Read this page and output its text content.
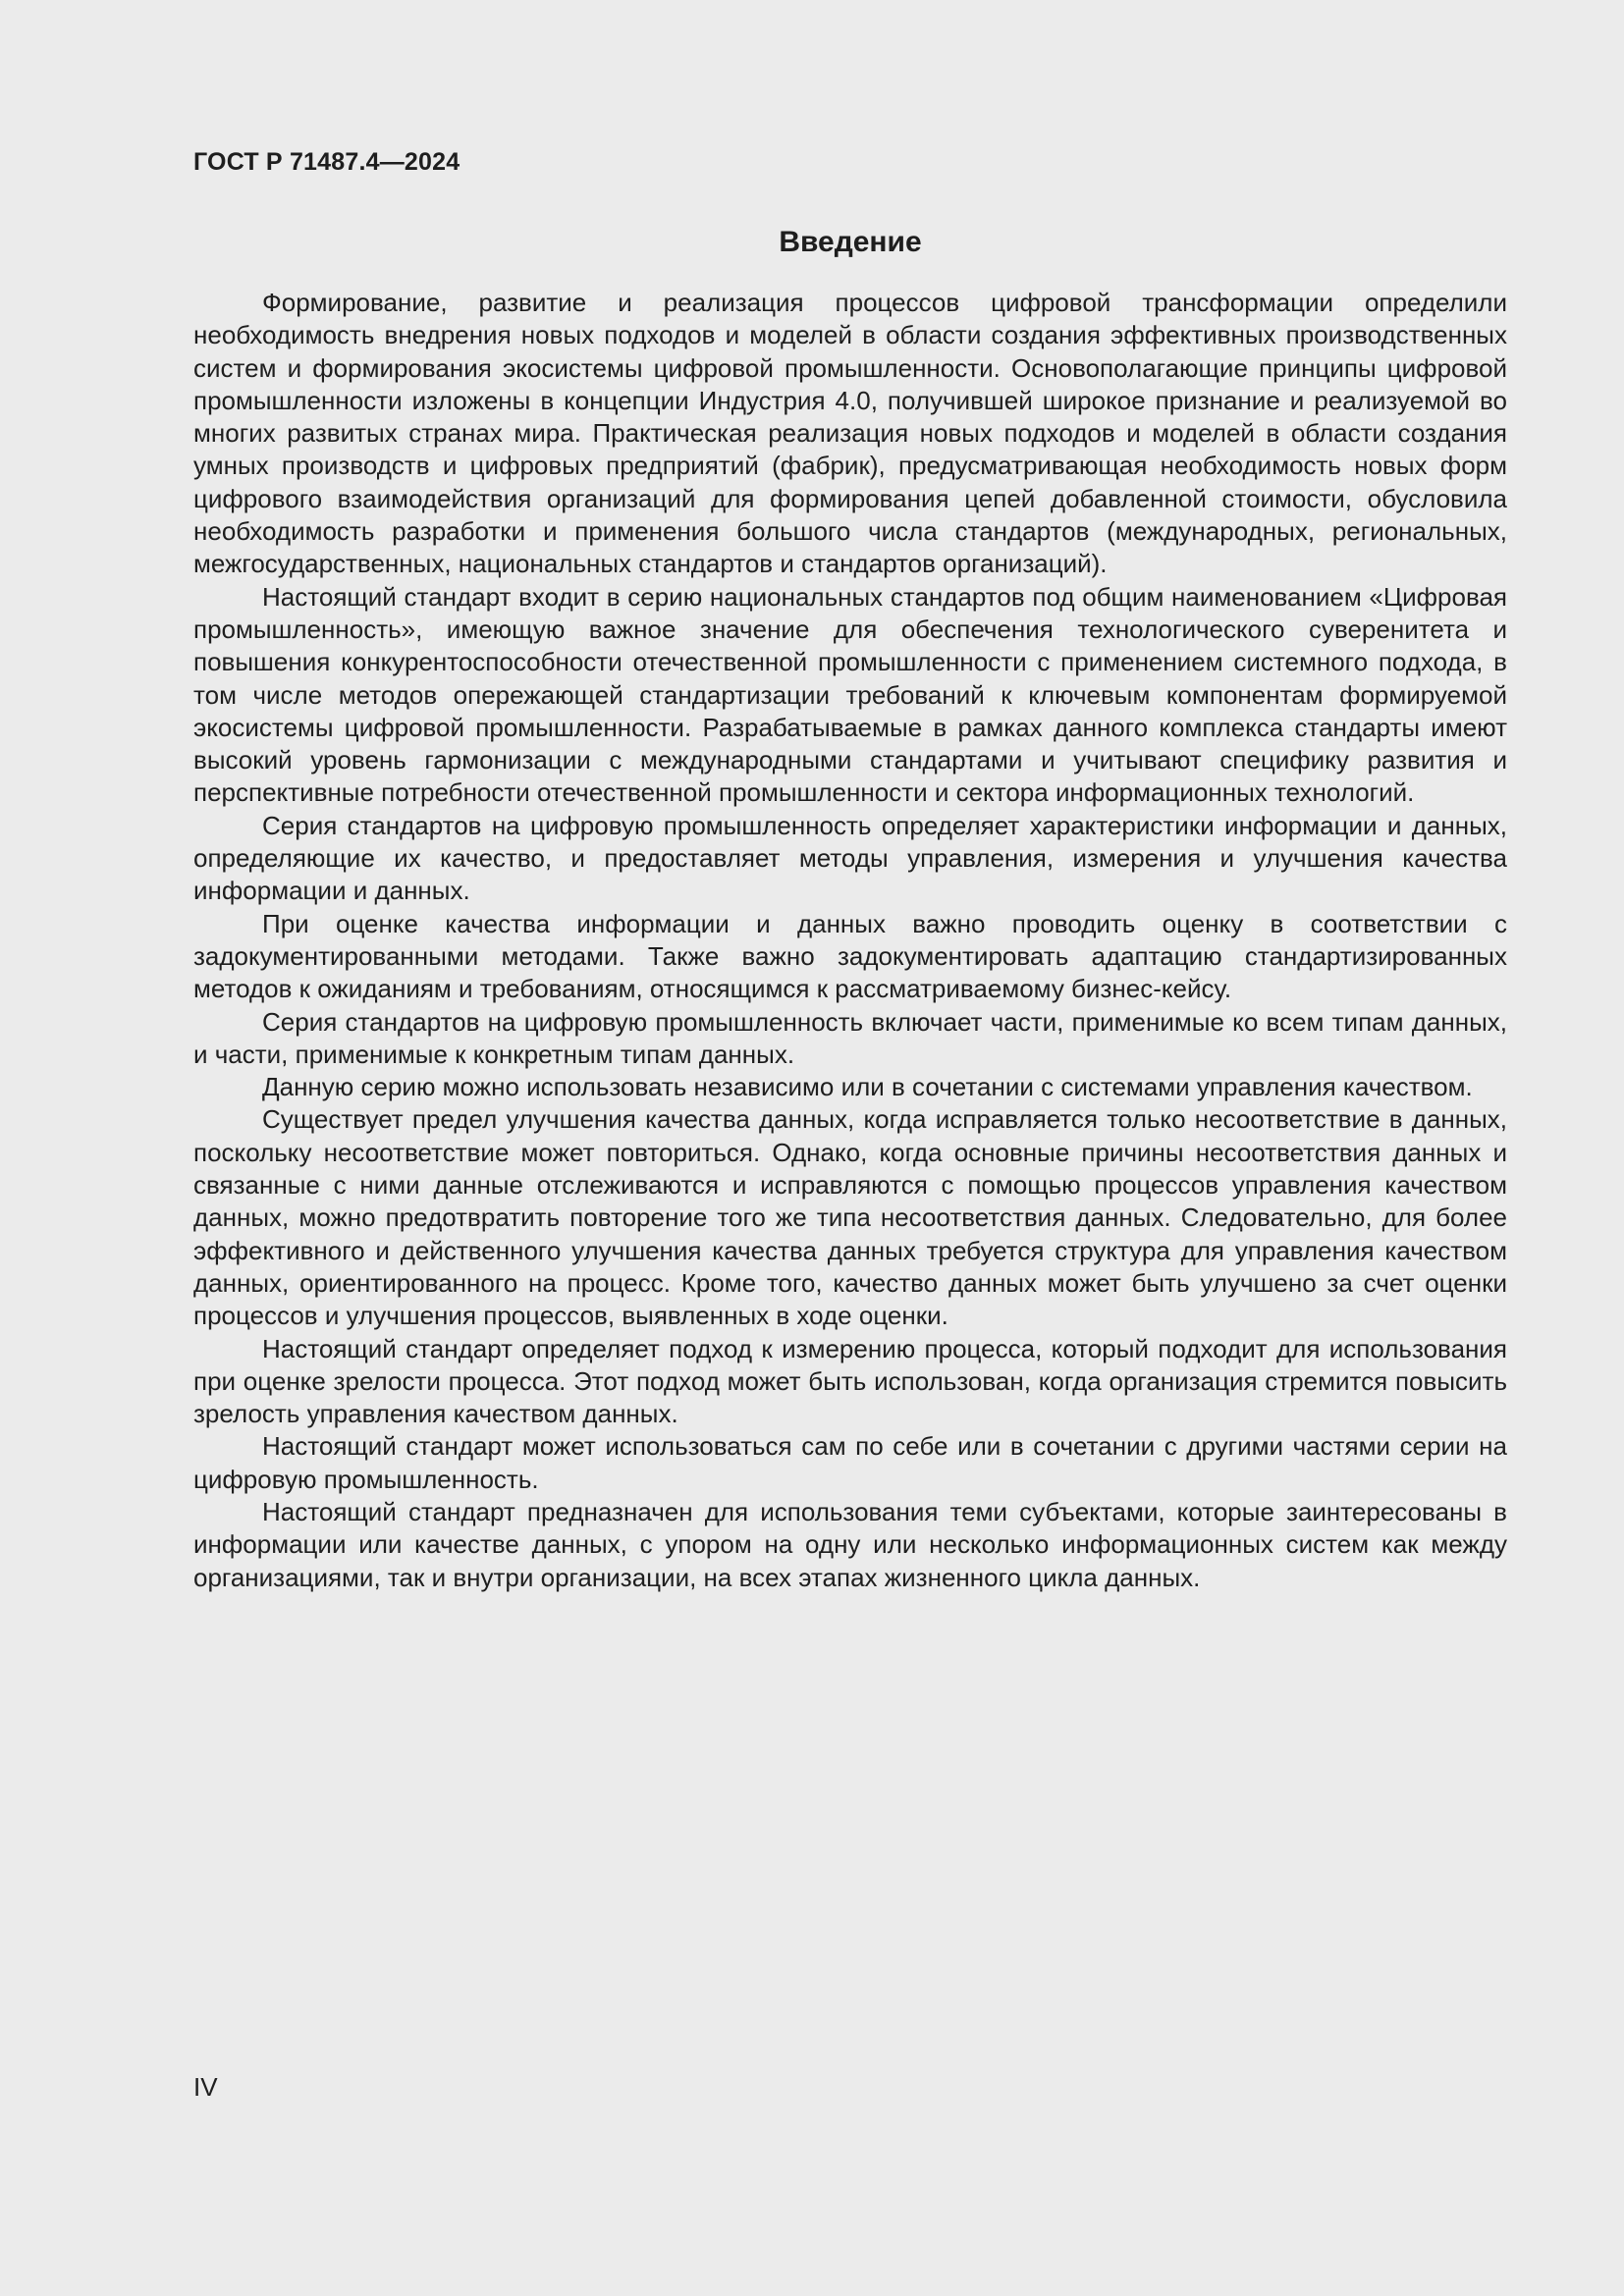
ГОСТ Р 71487.4—2024
Введение

Формирование, развитие и реализация процессов цифровой трансформации определили необходимость внедрения новых подходов и моделей в области создания эффективных производственных систем и формирования экосистемы цифровой промышленности. Основополагающие принципы цифровой промышленности изложены в концепции Индустрия 4.0, получившей широкое признание и реализуемой во многих развитых странах мира. Практическая реализация новых подходов и моделей в области создания умных производств и цифровых предприятий (фабрик), предусматривающая необходимость новых форм цифрового взаимодействия организаций для формирования цепей добавленной стоимости, обусловила необходимость разработки и применения большого числа стандартов (международных, региональных, межгосударственных, национальных стандартов и стандартов организаций).

Настоящий стандарт входит в серию национальных стандартов под общим наименованием «Цифровая промышленность», имеющую важное значение для обеспечения технологического суверенитета и повышения конкурентоспособности отечественной промышленности с применением системного подхода, в том числе методов опережающей стандартизации требований к ключевым компонентам формируемой экосистемы цифровой промышленности. Разрабатываемые в рамках данного комплекса стандарты имеют высокий уровень гармонизации с международными стандартами и учитывают специфику развития и перспективные потребности отечественной промышленности и сектора информационных технологий.

Серия стандартов на цифровую промышленность определяет характеристики информации и данных, определяющие их качество, и предоставляет методы управления, измерения и улучшения качества информации и данных.

При оценке качества информации и данных важно проводить оценку в соответствии с задокументированными методами. Также важно задокументировать адаптацию стандартизированных методов к ожиданиям и требованиям, относящимся к рассматриваемому бизнес-кейсу.

Серия стандартов на цифровую промышленность включает части, применимые ко всем типам данных, и части, применимые к конкретным типам данных.

Данную серию можно использовать независимо или в сочетании с системами управления качеством.

Существует предел улучшения качества данных, когда исправляется только несоответствие в данных, поскольку несоответствие может повториться. Однако, когда основные причины несоответствия данных и связанные с ними данные отслеживаются и исправляются с помощью процессов управления качеством данных, можно предотвратить повторение того же типа несоответствия данных. Следовательно, для более эффективного и действенного улучшения качества данных требуется структура для управления качеством данных, ориентированного на процесс. Кроме того, качество данных может быть улучшено за счет оценки процессов и улучшения процессов, выявленных в ходе оценки.

Настоящий стандарт определяет подход к измерению процесса, который подходит для использования при оценке зрелости процесса. Этот подход может быть использован, когда организация стремится повысить зрелость управления качеством данных.

Настоящий стандарт может использоваться сам по себе или в сочетании с другими частями серии на цифровую промышленность.

Настоящий стандарт предназначен для использования теми субъектами, которые заинтересованы в информации или качестве данных, с упором на одну или несколько информационных систем как между организациями, так и внутри организации, на всех этапах жизненного цикла данных.

IV
